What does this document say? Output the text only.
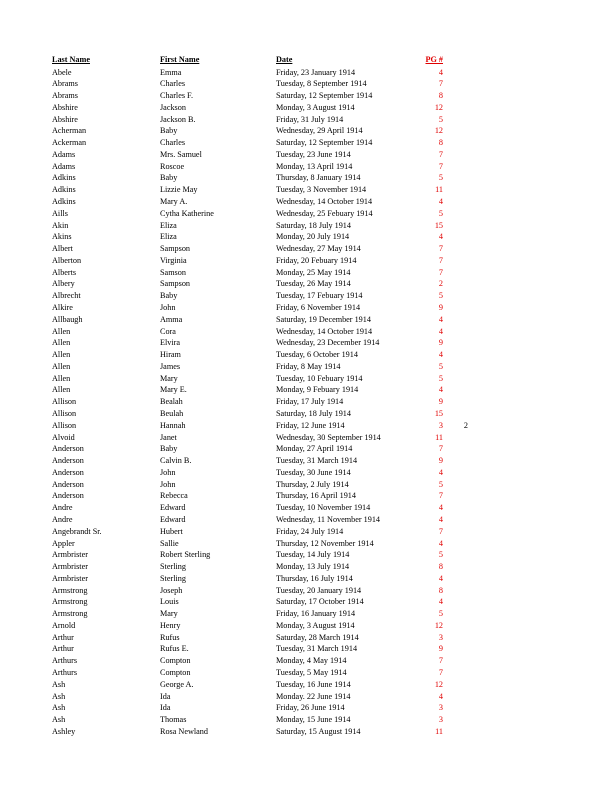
Last Name	First Name	Date	PG #
Abele	Emma	Friday, 23 January 1914	4
Abrams	Charles	Tuesday, 8 September 1914	7
Abrams	Charles F.	Saturday, 12 September 1914	8
Abshire	Jackson	Monday, 3 August 1914	12
Abshire	Jackson B.	Friday, 31 July 1914	5
Acherman	Baby	Wednesday, 29 April 1914	12
Ackerman	Charles	Saturday, 12 September 1914	8
Adams	Mrs. Samuel	Tuesday, 23 June 1914	7
Adams	Roscoe	Monday, 13 April 1914	7
Adkins	Baby	Thursday, 8 January 1914	5
Adkins	Lizzie May	Tuesday, 3 November 1914	11
Adkins	Mary A.	Wednesday, 14 October 1914	4
Aills	Cytha Katherine	Wednesday, 25 Febuary 1914	5
Akin	Eliza	Saturday, 18 July 1914	15
Akins	Eliza	Monday, 20 July 1914	4
Albert	Sampson	Wednesday, 27 May 1914	7
Alberton	Virginia	Friday, 20 Febuary 1914	7
Alberts	Samson	Monday, 25 May 1914	7
Albery	Sampson	Tuesday, 26 May 1914	2
Albrecht	Baby	Tuesday, 17 Febuary 1914	5
Alkire	John	Friday, 6 November 1914	9
Allbaugh	Amma	Saturday, 19 December 1914	4
Allen	Cora	Wednesday, 14 October 1914	4
Allen	Elvira	Wednesday, 23 December 1914	9
Allen	Hiram	Tuesday, 6 October 1914	4
Allen	James	Friday, 8 May 1914	5
Allen	Mary	Tuesday, 10 Febuary 1914	5
Allen	Mary E.	Monday, 9 Febuary 1914	4
Allison	Bealah	Friday, 17 July 1914	9
Allison	Beulah	Saturday, 18 July 1914	15
Allison	Hannah	Friday, 12 June 1914	3	2
Alvoid	Janet	Wednesday, 30 September 1914	11
Anderson	Baby	Monday, 27 April 1914	7
Anderson	Calvin B.	Tuesday, 31 March 1914	9
Anderson	John	Tuesday, 30 June 1914	4
Anderson	John	Thursday, 2 July 1914	5
Anderson	Rebecca	Thursday, 16 April 1914	7
Andre	Edward	Tuesday, 10 November 1914	4
Andre	Edward	Wednesday, 11 November 1914	4
Angebrandt Sr.	Hubert	Friday, 24 July 1914	7
Appler	Sallie	Thursday, 12 November 1914	4
Armbrister	Robert Sterling	Tuesday, 14 July 1914	5
Armbrister	Sterling	Monday, 13 July 1914	8
Armbrister	Sterling	Thursday, 16 July 1914	4
Armstrong	Joseph	Tuesday, 20 January 1914	8
Armstrong	Louis	Saturday, 17 October 1914	4
Armstrong	Mary	Friday, 16 January 1914	5
Arnold	Henry	Monday, 3 August 1914	12
Arthur	Rufus	Saturday, 28 March 1914	3
Arthur	Rufus E.	Tuesday, 31 March 1914	9
Arthurs	Compton	Monday, 4 May 1914	7
Arthurs	Compton	Tuesday, 5 May 1914	7
Ash	George A.	Tuesday, 16 June 1914	12
Ash	Ida	Monday. 22 June 1914	4
Ash	Ida	Friday, 26 June 1914	3
Ash	Thomas	Monday, 15 June 1914	3
Ashley	Rosa Newland	Saturday, 15 August 1914	11
